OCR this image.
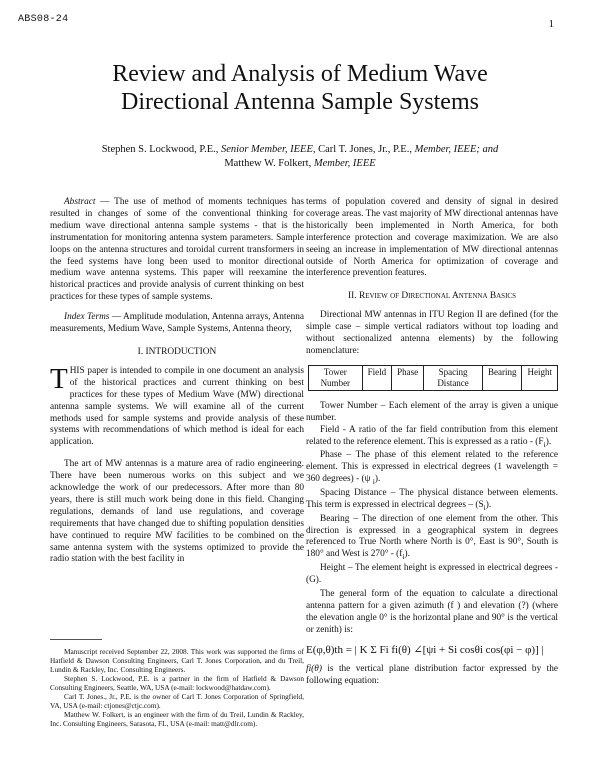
ABS08-24	1
Review and Analysis of Medium Wave
Directional Antenna Sample Systems
Stephen S. Lockwood, P.E., Senior Member, IEEE, Carl T. Jones, Jr., P.E., Member, IEEE; and
Matthew W. Folkert, Member, IEEE

Abstract — The use of method of moments techniques has resulted in changes of some of the conventional thinking for medium wave directional antenna sample systems - that is the instrumentation for monitoring antenna system parameters. Sample loops on the antenna structures and toroidal current transformers in the feed systems have long been used to monitor directional medium wave antenna systems. This paper will reexamine the historical practices and provide analysis of current thinking on best practices for these types of sample systems.

Index Terms — Amplitude modulation, Antenna arrays, Antenna measurements, Medium Wave, Sample Systems, Antenna theory,

I. INTRODUCTION

THIS paper is intended to compile in one document an analysis of the historical practices and current thinking on best practices for these types of Medium Wave (MW) directional antenna sample systems. We will examine all of the current methods used for sample systems and provide analysis of these systems with recommendations of which method is ideal for each application.

The art of MW antennas is a mature area of radio engineering. There have been numerous works on this subject and we acknowledge the work of our predecessors. After more than 80 years, there is still much work being done in this field. Changing regulations, demands of land use regulations, and coverage requirements that have changed due to shifting population densities have continued to require MW facilities to be combined on the same antenna system with the systems optimized to provide the radio station with the best facility in

Manuscript received September 22, 2008. This work was supported the firms of Hatfield & Dawson Consulting Engineers, Carl T. Jones Corporation, and du Treil, Lundin & Rackley, Inc. Consulting Engineers.

Stephen S. Lockwood, P.E. is a partner in the firm of Hatfield & Dawson Consulting Engineers, Seattle, WA, USA (e-mail: lockwood@hatdaw.com).

Carl T. Jones., Jr., P.E. is the owner of Carl T. Jones Corporation of Springfield, VA, USA (e-mail: ctjones@ctjc.com).

Matthew W. Folkert, is an engineer with the firm of du Treil, Lundin & Rackley, Inc. Consulting Engineers, Sarasota, FL, USA (e-mail: matt@dlr.com).

terms of population covered and density of signal in desired coverage areas. The vast majority of MW directional antennas have historically been implemented in North America, for both interference protection and coverage maximization. We are also seeing an increase in implementation of MW directional antennas outside of North America for optimization of coverage and interference prevention features.

II. Review of Directional Antenna Basics

Directional MW antennas in ITU Region II are defined (for the simple case – simple vertical radiators without top loading and without sectionalized antenna elements) by the following nomenclature:

Tower Number	Field	Phase	Spacing Distance	Bearing	Height

Tower Number – Each element of the array is given a unique number.

Field - A ratio of the far field contribution from this element related to the reference element. This is expressed as a ratio - $(F_i)$.

Phase – The phase of this element related to the reference element. This is expressed in electrical degrees (1 wavelength = 360 degrees) - (ψ $_i$).

Spacing Distance – The physical distance between elements. This term is expressed in electrical degrees – $(S_i)$.

Bearing – The direction of one element from the other. This direction is expressed in a geographical system in degrees referenced to True North where North is 0°, East is 90°, South is 180° and West is $270^\circ - (f_i)$.

Height – The element height is expressed in electrical degrees - (G).

The general form of the equation to calculate a directional antenna pattern for a given azimuth (f ) and elevation (?) (where the elevation angle 0° is the horizontal plane and 90° is the vertical or zenith) is:

E(φ,θ)th = | K Σ Fi fi(θ) ∠[ψi + Si cosθi cos(φi − φ)] |

fi(θ) is the vertical plane distribution factor expressed by the following equation:
